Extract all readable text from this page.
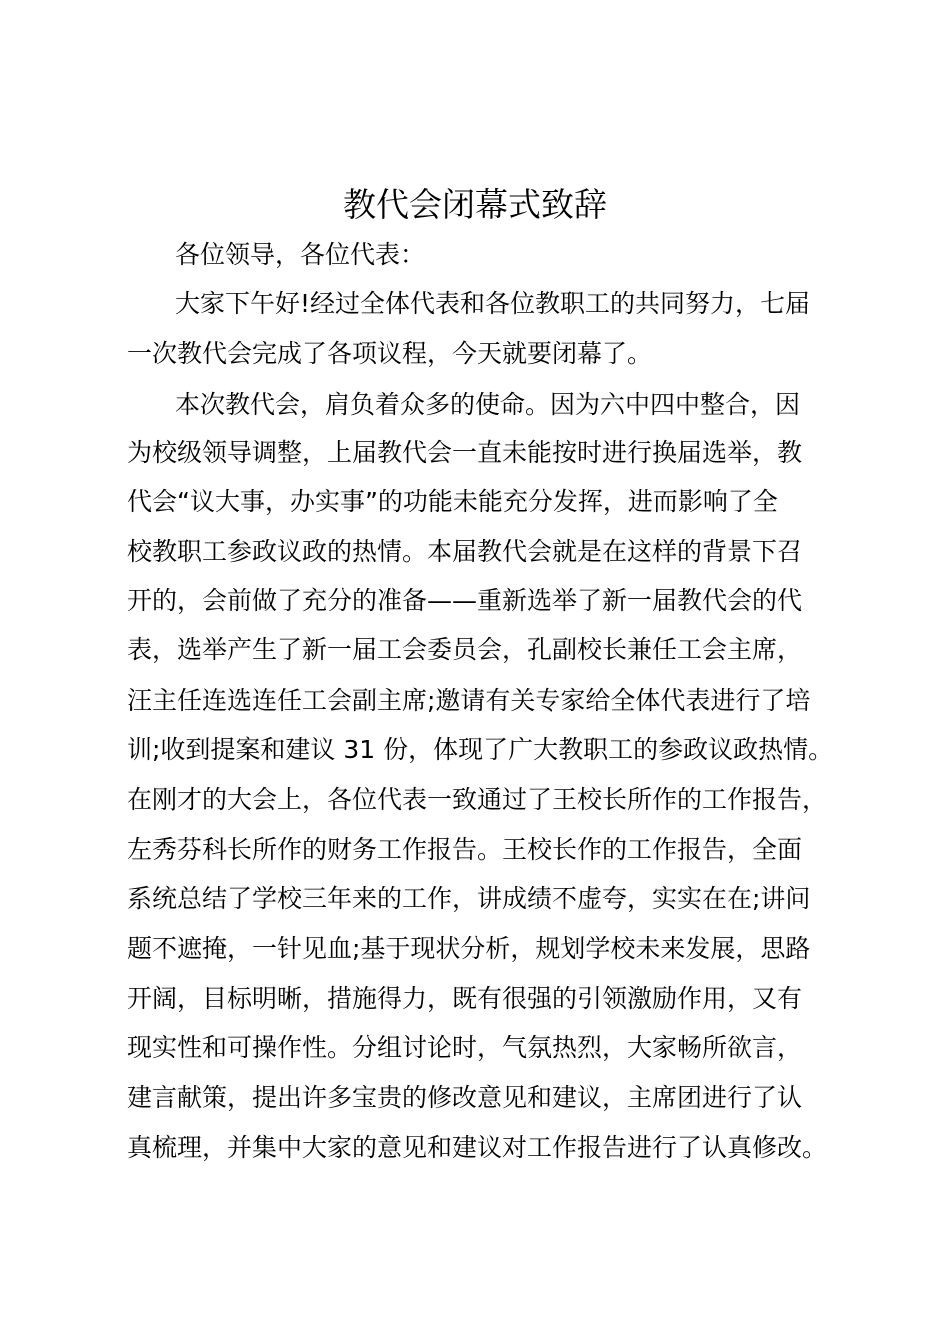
教代会闭幕式致辞
各位领导，各位代表：
大家下午好!经过全体代表和各位教职工的共同努力，七届
一次教代会完成了各项议程，今天就要闭幕了。
本次教代会，肩负着众多的使命。因为六中四中整合，因
为校级领导调整，上届教代会一直未能按时进行换届选举，教
代会“议大事，办实事”的功能未能充分发挥，进而影响了全
校教职工参政议政的热情。本届教代会就是在这样的背景下召
开的，会前做了充分的准备——重新选举了新一届教代会的代
表，选举产生了新一届工会委员会，孔副校长兼任工会主席，
汪主任连选连任工会副主席;邀请有关专家给全体代表进行了培
训;收到提案和建议 31 份，体现了广大教职工的参政议政热情。
在刚才的大会上，各位代表一致通过了王校长所作的工作报告，
左秀芬科长所作的财务工作报告。王校长作的工作报告，全面
系统总结了学校三年来的工作，讲成绩不虚夸，实实在在;讲问
题不遮掩，一针见血;基于现状分析，规划学校未来发展，思路
开阔，目标明晰，措施得力，既有很强的引领激励作用，又有
现实性和可操作性。分组讨论时，气氛热烈，大家畅所欲言，
建言献策，提出许多宝贵的修改意见和建议，主席团进行了认
真梳理，并集中大家的意见和建议对工作报告进行了认真修改。
